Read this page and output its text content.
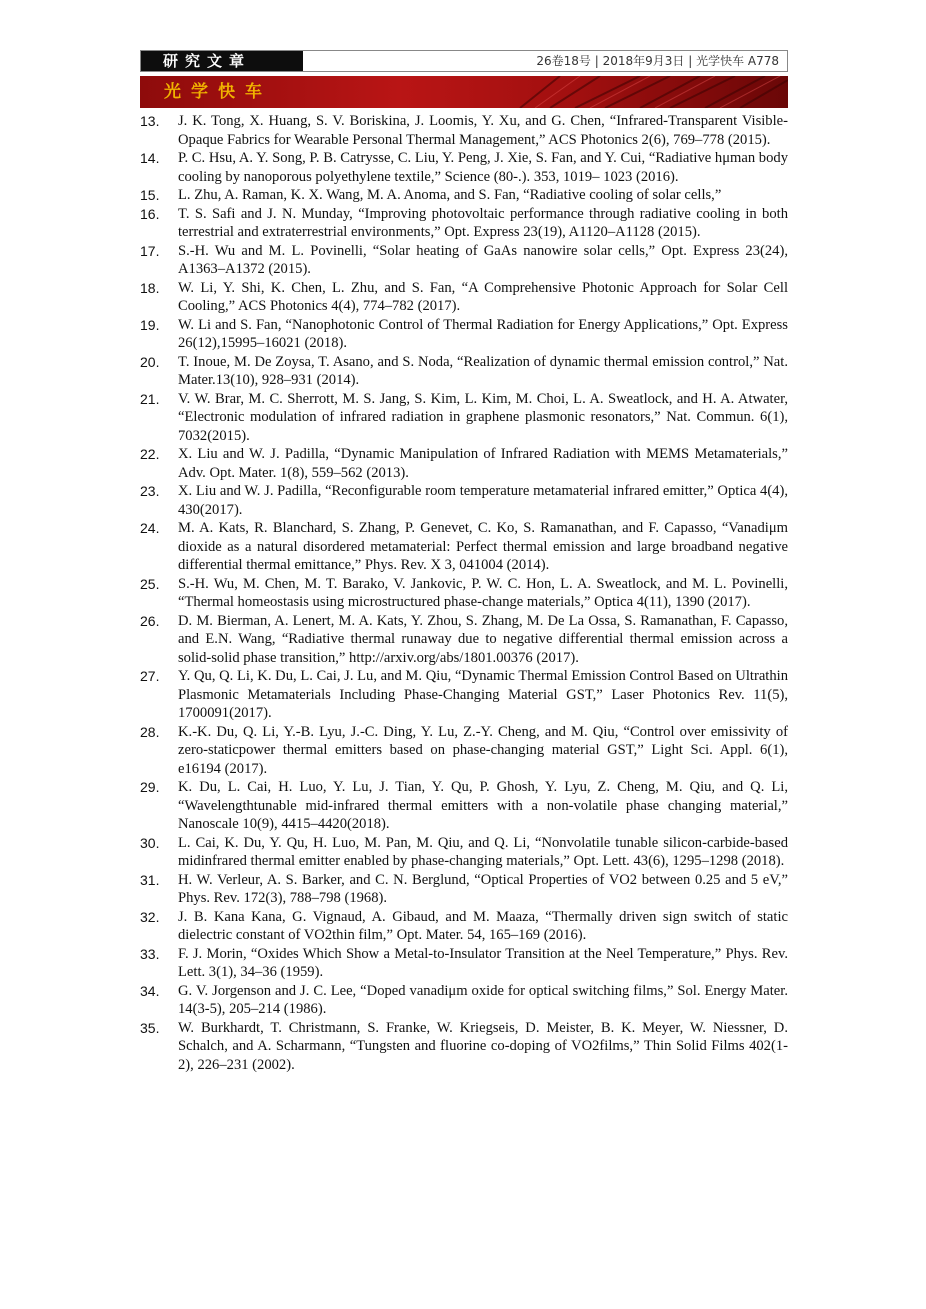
研究文章	26卷18号 | 2018年9月3日 | 光学快车 A778
光学快车
13. J. K. Tong, X. Huang, S. V. Boriskina, J. Loomis, Y. Xu, and G. Chen, “Infrared-Transparent Visible-Opaque Fabrics for Wearable Personal Thermal Management,” ACS Photonics 2(6), 769–778 (2015).
14. P. C. Hsu, A. Y. Song, P. B. Catrysse, C. Liu, Y. Peng, J. Xie, S. Fan, and Y. Cui, “Radiative hμman body cooling by nanoporous polyethylene textile,” Science (80-.). 353, 1019– 1023 (2016).
15. L. Zhu, A. Raman, K. X. Wang, M. A. Anoma, and S. Fan, “Radiative cooling of solar cells,”
16. T. S. Safi and J. N. Munday, “Improving photovoltaic performance through radiative cooling in both terrestrial and extraterrestrial environments,” Opt. Express 23(19), A1120–A1128 (2015).
17. S.-H. Wu and M. L. Povinelli, “Solar heating of GaAs nanowire solar cells,” Opt. Express 23(24), A1363–A1372 (2015).
18. W. Li, Y. Shi, K. Chen, L. Zhu, and S. Fan, “A Comprehensive Photonic Approach for Solar Cell Cooling,” ACS Photonics 4(4), 774–782 (2017).
19. W. Li and S. Fan, “Nanophotonic Control of Thermal Radiation for Energy Applications,” Opt. Express 26(12),15995–16021 (2018).
20. T. Inoue, M. De Zoysa, T. Asano, and S. Noda, “Realization of dynamic thermal emission control,” Nat. Mater.13(10), 928–931 (2014).
21. V. W. Brar, M. C. Sherrott, M. S. Jang, S. Kim, L. Kim, M. Choi, L. A. Sweatlock, and H. A. Atwater, “Electronic modulation of infrared radiation in graphene plasmonic resonators,” Nat. Commun. 6(1), 7032(2015).
22. X. Liu and W. J. Padilla, “Dynamic Manipulation of Infrared Radiation with MEMS Metamaterials,” Adv. Opt. Mater. 1(8), 559–562 (2013).
23. X. Liu and W. J. Padilla, “Reconfigurable room temperature metamaterial infrared emitter,” Optica 4(4), 430(2017).
24. M. A. Kats, R. Blanchard, S. Zhang, P. Genevet, C. Ko, S. Ramanathan, and F. Capasso, “Vanadiμm dioxide as a natural disordered metamaterial: Perfect thermal emission and large broadband negative differential thermal emittance,” Phys. Rev. X 3, 041004 (2014).
25. S.-H. Wu, M. Chen, M. T. Barako, V. Jankovic, P. W. C. Hon, L. A. Sweatlock, and M. L. Povinelli, “Thermal homeostasis using microstructured phase-change materials,” Optica 4(11), 1390 (2017).
26. D. M. Bierman, A. Lenert, M. A. Kats, Y. Zhou, S. Zhang, M. De La Ossa, S. Ramanathan, F. Capasso, and E.N. Wang, “Radiative thermal runaway due to negative differential thermal emission across a solid-solid phase transition,” http://arxiv.org/abs/1801.00376 (2017).
27. Y. Qu, Q. Li, K. Du, L. Cai, J. Lu, and M. Qiu, “Dynamic Thermal Emission Control Based on Ultrathin Plasmonic Metamaterials Including Phase-Changing Material GST,” Laser Photonics Rev. 11(5), 1700091(2017).
28. K.-K. Du, Q. Li, Y.-B. Lyu, J.-C. Ding, Y. Lu, Z.-Y. Cheng, and M. Qiu, “Control over emissivity of zero-staticpower thermal emitters based on phase-changing material GST,” Light Sci. Appl. 6(1), e16194 (2017).
29. K. Du, L. Cai, H. Luo, Y. Lu, J. Tian, Y. Qu, P. Ghosh, Y. Lyu, Z. Cheng, M. Qiu, and Q. Li, “Wavelengthtunable mid-infrared thermal emitters with a non-volatile phase changing material,” Nanoscale 10(9), 4415–4420(2018).
30. L. Cai, K. Du, Y. Qu, H. Luo, M. Pan, M. Qiu, and Q. Li, “Nonvolatile tunable silicon-carbide-based midinfrared thermal emitter enabled by phase-changing materials,” Opt. Lett. 43(6), 1295–1298 (2018).
31. H. W. Verleur, A. S. Barker, and C. N. Berglund, “Optical Properties of VO2 between 0.25 and 5 eV,” Phys. Rev. 172(3), 788–798 (1968).
32. J. B. Kana Kana, G. Vignaud, A. Gibaud, and M. Maaza, “Thermally driven sign switch of static dielectric constant of VO2thin film,” Opt. Mater. 54, 165–169 (2016).
33. F. J. Morin, “Oxides Which Show a Metal-to-Insulator Transition at the Neel Temperature,” Phys. Rev. Lett. 3(1), 34–36 (1959).
34. G. V. Jorgenson and J. C. Lee, “Doped vanadiμm oxide for optical switching films,” Sol. Energy Mater. 14(3-5), 205–214 (1986).
35. W. Burkhardt, T. Christmann, S. Franke, W. Kriegseis, D. Meister, B. K. Meyer, W. Niessner, D. Schalch, and A. Scharmann, “Tungsten and fluorine co-doping of VO2films,” Thin Solid Films 402(1-2), 226–231 (2002).
